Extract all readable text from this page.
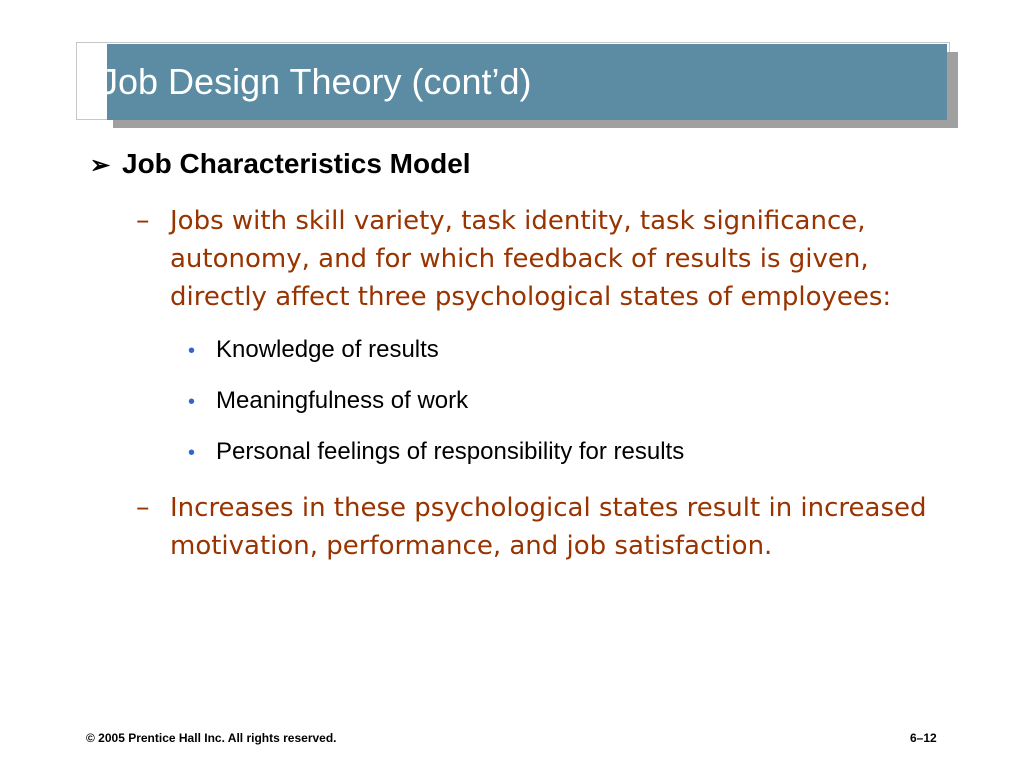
Job Design Theory (cont’d)
➢ Job Characteristics Model
– Jobs with skill variety, task identity, task significance, autonomy, and for which feedback of results is given, directly affect three psychological states of employees:
• Knowledge of results
• Meaningfulness of work
• Personal feelings of responsibility for results
– Increases in these psychological states result in increased motivation, performance, and job satisfaction.
© 2005 Prentice Hall Inc. All rights reserved.	6–12
